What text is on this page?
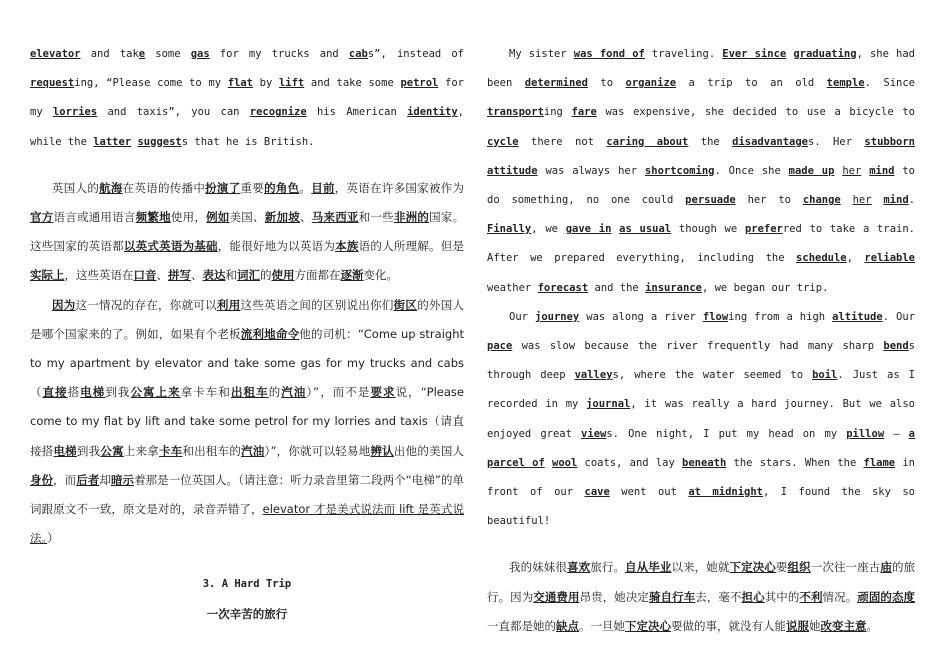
elevator and take some gas for my trucks and cabs”, instead of requesting, “Please come to my flat by lift and take some petrol for my lorries and taxis”, you can recognize his American identity, while the latter suggests that he is British.

英国人的航海在英语的传播中扮演了重要的角色。目前，英语在许多国家被作为官方语言或通用语言频繁地使用，例如美国、新加坡、马来西亚和一些非洲的国家。这些国家的英语都以英式英语为基础，能很好地为以英语为本族语的人所理解。但是实际上，这些英语在口音、拼写、表达和词汇的使用方面都在逐渐变化。

因为这一情况的存在，你就可以利用这些英语之间的区别说出你们街区的外国人是哪个国家来的了。例如，如果有个老板流利地命令他的司机：“Come up straight to my apartment by elevator and take some gas for my trucks and cabs（直接搭电梯到我公寓上来拿卡车和出租车的汽油）”，而不是要求说，“Please come to my flat by lift and take some petrol for my lorries and taxis（请直接搭电梯到我公寓上来拿卡车和出租车的汽油）”，你就可以轻易地辨认出他的美国人身份，而后者却暗示着那是一位英国人。（请注意：听力录音里第二段两个“电梯”的单词跟原文不一致，原文是对的，录音弄错了，elevator 才是美式说法而 lift 是英式说法。）

3. A Hard Trip

一次辛苦的旅行

My sister was fond of traveling. Ever since graduating, she had been determined to organize a trip to an old temple. Since transporting fare was expensive, she decided to use a bicycle to cycle there not caring about the disadvantages. Her stubborn attitude was always her shortcoming. Once she made up her mind to do something, no one could persuade her to change her mind. Finally, we gave in as usual though we preferred to take a train. After we prepared everything, including the schedule, reliable weather forecast and the insurance, we began our trip.

Our journey was along a river flowing from a high altitude. Our pace was slow because the river frequently had many sharp bends through deep valleys, where the water seemed to boil. Just as I recorded in my journal, it was really a hard journey. But we also enjoyed great views. One night, I put my head on my pillow — a parcel of wool coats, and lay beneath the stars. When the flame in front of our cave went out at midnight, I found the sky so beautiful!

我的妹妹很喜欢旅行。自从毕业以来，她就下定决心要组织一次往一座古庙的旅行。因为交通费用昂贵，她决定骑自行车去，毫不担心其中的不利情况。顽固的态度一直都是她的缺点。一旦她下定决心要做的事，就没有人能说服她改变主意。
